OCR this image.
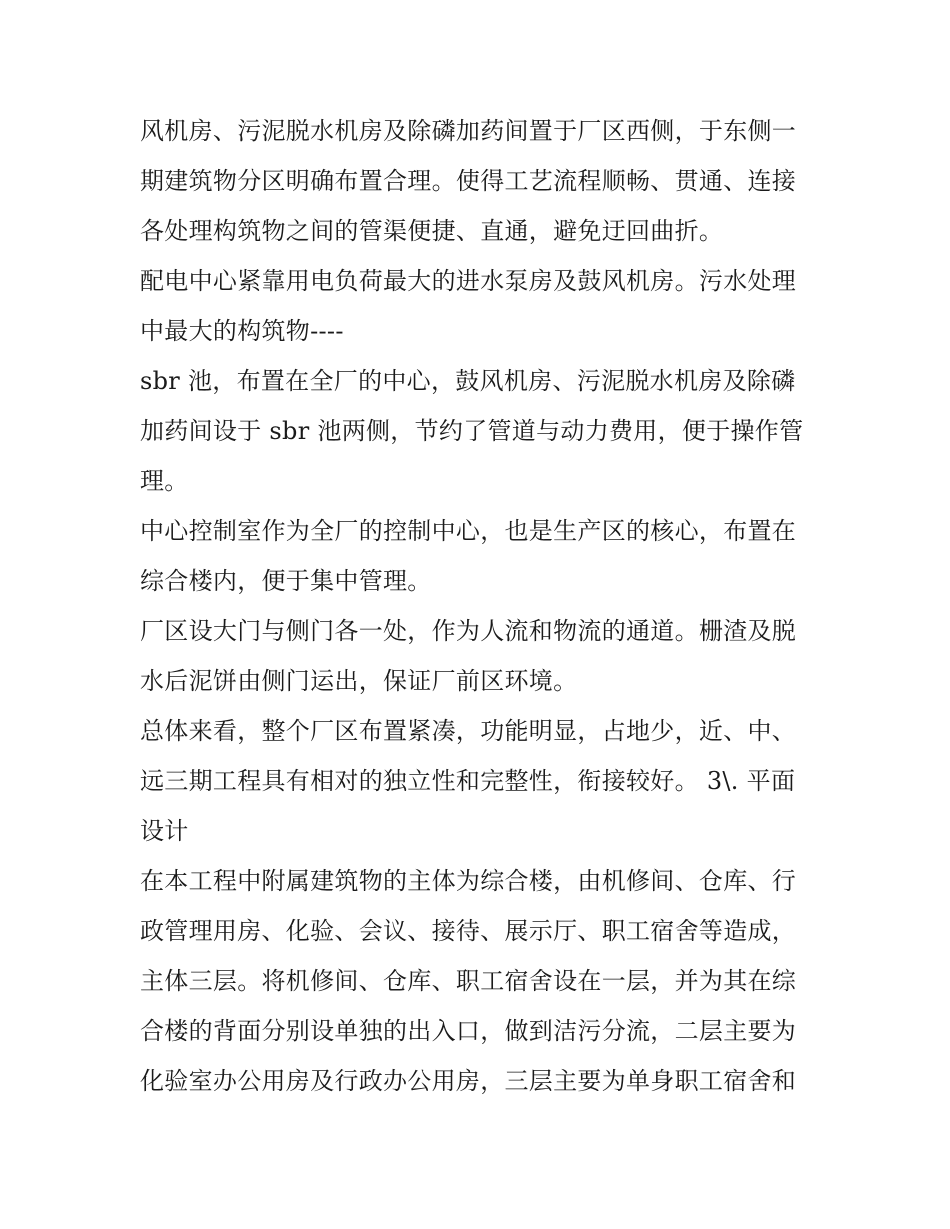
风机房、污泥脱水机房及除磷加药间置于厂区西侧，于东侧一
期建筑物分区明确布置合理。使得工艺流程顺畅、贯通、连接
各处理构筑物之间的管渠便捷、直通，避免迂回曲折。
配电中心紧靠用电负荷最大的进水泵房及鼓风机房。污水处理
中最大的构筑物----
sbr 池，布置在全厂的中心，鼓风机房、污泥脱水机房及除磷
加药间设于 sbr 池两侧，节约了管道与动力费用，便于操作管
理。
中心控制室作为全厂的控制中心，也是生产区的核心，布置在
综合楼内，便于集中管理。
厂区设大门与侧门各一处，作为人流和物流的通道。栅渣及脱
水后泥饼由侧门运出，保证厂前区环境。
总体来看，整个厂区布置紧凑，功能明显，占地少，近、中、
远三期工程具有相对的独立性和完整性，衔接较好。 3\. 平面
设计
在本工程中附属建筑物的主体为综合楼，由机修间、仓库、行
政管理用房、化验、会议、接待、展示厅、职工宿舍等造成，
主体三层。将机修间、仓库、职工宿舍设在一层，并为其在综
合楼的背面分别设单独的出入口，做到洁污分流，二层主要为
化验室办公用房及行政办公用房，三层主要为单身职工宿舍和
